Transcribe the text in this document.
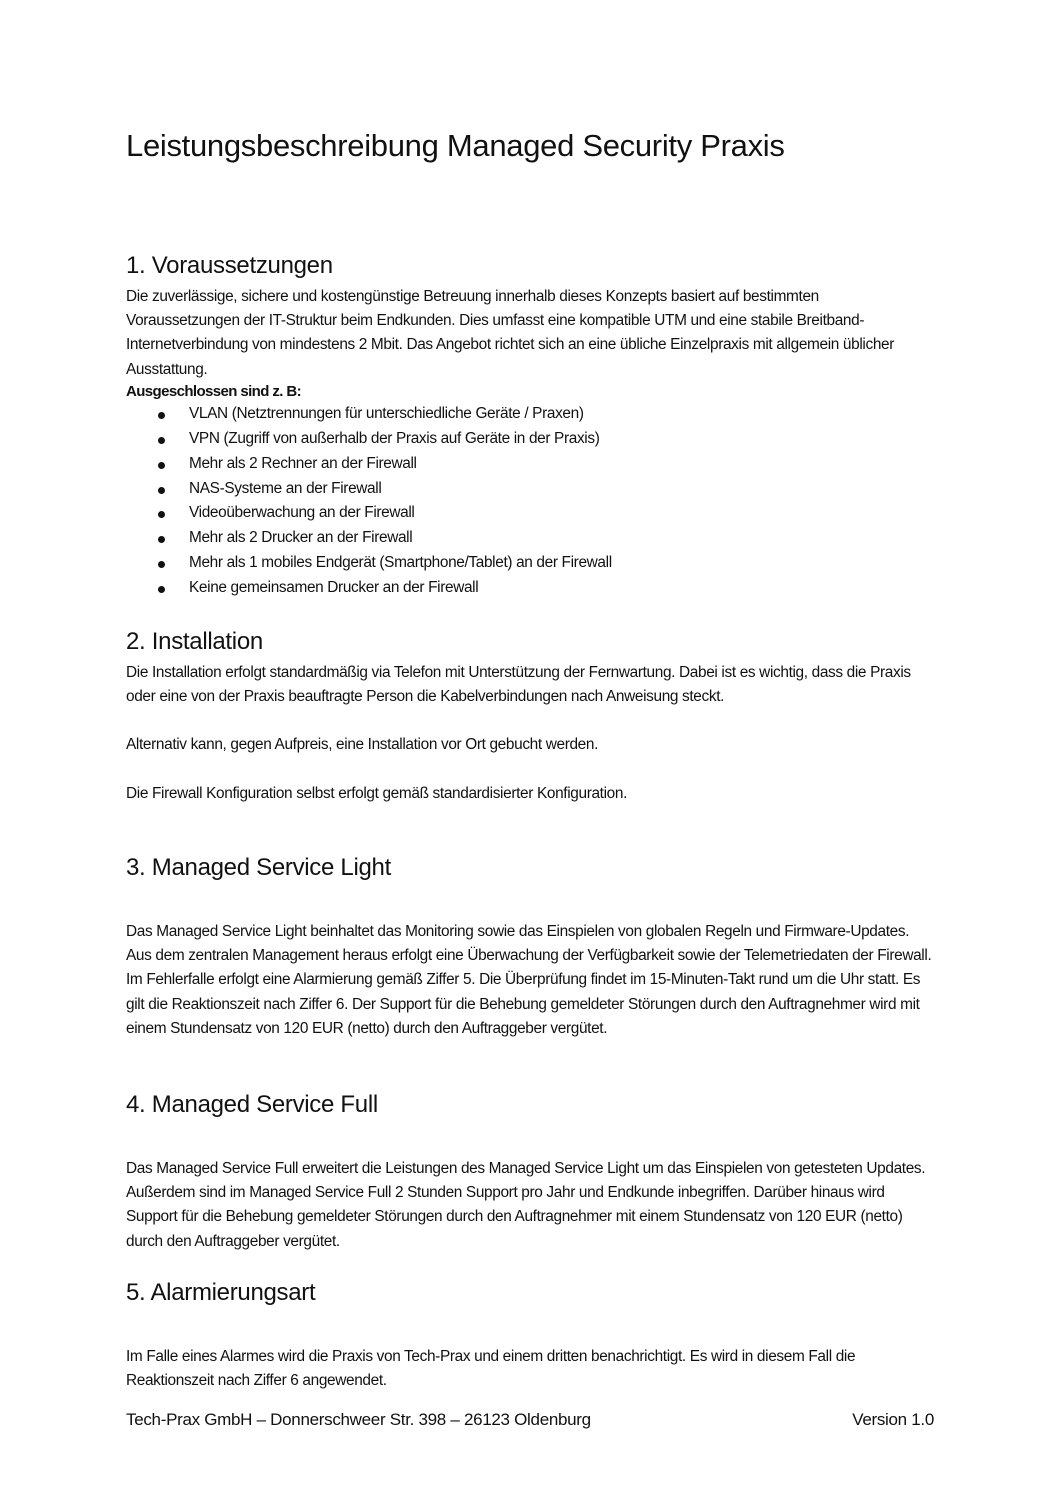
Leistungsbeschreibung Managed Security Praxis
1. Voraussetzungen

Die zuverlässige, sichere und kostengünstige Betreuung innerhalb dieses Konzepts basiert auf bestimmten Voraussetzungen der IT-Struktur beim Endkunden. Dies umfasst eine kompatible UTM und eine stabile Breitband-Internetverbindung von mindestens 2 Mbit. Das Angebot richtet sich an eine übliche Einzelpraxis mit allgemein üblicher Ausstattung.

Ausgeschlossen sind z. B:

VLAN (Netztrennungen für unterschiedliche Geräte / Praxen)
VPN (Zugriff von außerhalb der Praxis auf Geräte in der Praxis)
Mehr als 2 Rechner an der Firewall
NAS-Systeme an der Firewall
Videoüberwachung an der Firewall
Mehr als 2 Drucker an der Firewall
Mehr als 1 mobiles Endgerät (Smartphone/Tablet) an der Firewall
Keine gemeinsamen Drucker an der Firewall
2. Installation

Die Installation erfolgt standardmäßig via Telefon mit Unterstützung der Fernwartung. Dabei ist es wichtig, dass die Praxis oder eine von der Praxis beauftragte Person die Kabelverbindungen nach Anweisung steckt.

Alternativ kann, gegen Aufpreis, eine Installation vor Ort gebucht werden.

Die Firewall Konfiguration selbst erfolgt gemäß standardisierter Konfiguration.

3. Managed Service Light

Das Managed Service Light beinhaltet das Monitoring sowie das Einspielen von globalen Regeln und Firmware-Updates. Aus dem zentralen Management heraus erfolgt eine Überwachung der Verfügbarkeit sowie der Telemetriedaten der Firewall. Im Fehlerfalle erfolgt eine Alarmierung gemäß Ziffer 5. Die Überprüfung findet im 15-Minuten-Takt rund um die Uhr statt. Es gilt die Reaktionszeit nach Ziffer 6. Der Support für die Behebung gemeldeter Störungen durch den Auftragnehmer wird mit einem Stundensatz von 120 EUR (netto) durch den Auftraggeber vergütet.

4. Managed Service Full

Das Managed Service Full erweitert die Leistungen des Managed Service Light um das Einspielen von getesteten Updates. Außerdem sind im Managed Service Full 2 Stunden Support pro Jahr und Endkunde inbegriffen. Darüber hinaus wird Support für die Behebung gemeldeter Störungen durch den Auftragnehmer mit einem Stundensatz von 120 EUR (netto) durch den Auftraggeber vergütet.

5. Alarmierungsart

Im Falle eines Alarmes wird die Praxis von Tech-Prax und einem dritten benachrichtigt. Es wird in diesem Fall die Reaktionszeit nach Ziffer 6 angewendet.

Tech-Prax GmbH – Donnerschweer Str. 398 – 26123 Oldenburg	Version 1.0
